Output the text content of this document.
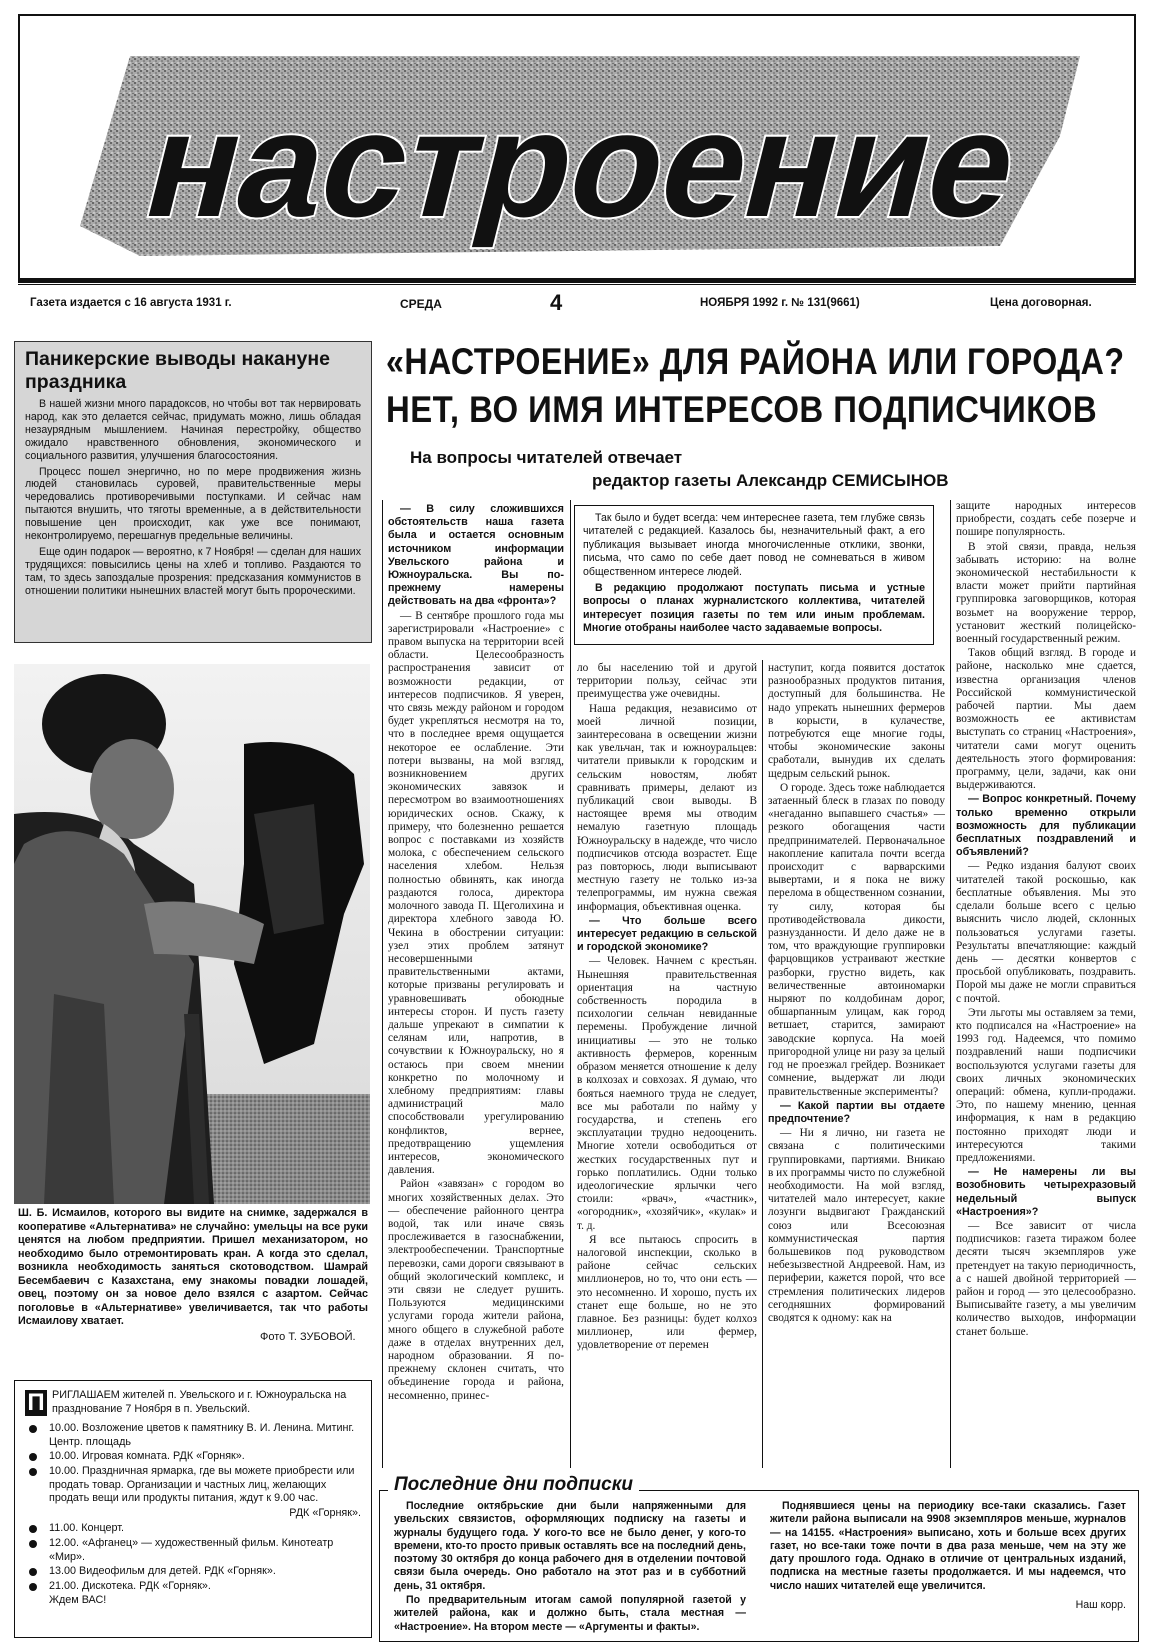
настроение
Газета издается с 16 августа 1931 г.	СРЕДА	4	НОЯБРЯ 1992 г. № 131(9661)	Цена договорная.
Паникерские выводы накануне праздника

В нашей жизни много парадоксов, но чтобы вот так нервировать народ, как это делается сейчас, придумать можно, лишь обладая незаурядным мышлением. Начиная перестройку, общество ожидало нравственного обновления, экономического и социального развития, улучшения благосостояния.

Процесс пошел энергично, но по мере продвижения жизнь людей становилась суровей, правительственные меры чередовались противоречивыми поступками. И сейчас нам пытаются внушить, что тяготы временные, а в действительности повышение цен происходит, как уже все понимают, неконтролируемо, перешагнув предельные величины.

Еще один подарок — вероятно, к 7 Ноября! — сделан для наших трудящихся: повысились цены на хлеб и топливо. Раздаются то там, то здесь запоздалые прозрения: предсказания коммунистов в отношении политики нынешних властей могут быть пророческими.

«НАСТРОЕНИЕ» ДЛЯ РАЙОНА ИЛИ ГОРОДА?
НЕТ, ВО ИМЯ ИНТЕРЕСОВ ПОДПИСЧИКОВ
На вопросы читателей отвечает
редактор газеты Александр СЕМИСЫНОВ

Так было и будет всегда: чем интереснее газета, тем глубже связь читателей с редакцией. Казалось бы, незначительный факт, а его публикация вызывает иногда многочисленные отклики, звонки, письма, что само по себе дает повод не сомневаться в живом общественном интересе людей.

В редакцию продолжают поступать письма и устные вопросы о планах журналистского коллектива, читателей интересует позиция газеты по тем или иным проблемам. Многие отобраны наиболее часто задаваемые вопросы.

— В силу сложившихся обстоятельств наша газета была и остается основным источником информации Увельского района и Южноуральска. Вы по-прежнему намерены действовать на два «фронта»?

— В сентябре прошлого года мы зарегистрировали «Настроение» с правом выпуска на территории всей области. Целесообразность распространения зависит от возможности редакции, от интересов подписчиков. Я уверен, что связь между районом и городом будет укрепляться несмотря на то, что в последнее время ощущается некоторое ее ослабление. Эти потери вызваны, на мой взгляд, возникновением других экономических завязок и пересмотром во взаимоотношениях юридических основ. Скажу, к примеру, что болезненно решается вопрос с поставками из хозяйств молока, с обеспечением сельского населения хлебом. Нельзя полностью обвинять, как иногда раздаются голоса, директора молочного завода П. Щеголихина и директора хлебного завода Ю. Чекина в обострении ситуации: узел этих проблем затянут несовершенными правительственными актами, которые призваны регулировать и уравновешивать обоюдные интересы сторон. И пусть газету дальше упрекают в симпатии к селянам или, напротив, в сочувствии к Южноуральску, но я остаюсь при своем мнении конкретно по молочному и хлебному предприятиям: главы администраций мало способствовали урегулированию конфликтов, вернее, предотвращению ущемления интересов, экономического давления.

Район «завязан» с городом во многих хозяйственных делах. Это — обеспечение районного центра водой, так или иначе связь прослеживается в газоснабжении, электрообеспечении. Транспортные перевозки, сами дороги связывают в общий экологический комплекс, и эти связи не следует рушить. Пользуются медицинскими услугами города жители района, много общего в служебной работе даже в отделах внутренних дел, народном образовании. Я по-прежнему склонен считать, что объединение города и района, несомненно, принес-

ло бы населению той и другой территории пользу, сейчас эти преимущества уже очевидны.

Наша редакция, независимо от моей личной позиции, заинтересована в освещении жизни как увельчан, так и южноуральцев: читатели привыкли к городским и сельским новостям, любят сравнивать примеры, делают из публикаций свои выводы. В настоящее время мы отводим немалую газетную площадь Южноуральску в надежде, что число подписчиков отсюда возрастет. Еще раз повторюсь, люди выписывают местную газету не только из-за телепрограммы, им нужна свежая информация, объективная оценка.

— Что больше всего интересует редакцию в сельской и городской экономике?

— Человек. Начнем с крестьян. Нынешняя правительственная ориентация на частную собственность породила в психологии сельчан невиданные перемены. Пробуждение личной инициативы — это не только активность фермеров, коренным образом меняется отношение к делу в колхозах и совхозах. Я думаю, что бояться наемного труда не следует, все мы работали по найму у государства, и степень его эксплуатации трудно недооценить. Многие хотели освободиться от жестких государственных пут и горько поплатились. Одни только идеологические ярлычки чего стоили: «рвач», «частник», «огородник», «хозяйчик», «кулак» и т. д.

Я все пытаюсь спросить в налоговой инспекции, сколько в районе сейчас сельских миллионеров, но то, что они есть — это несомненно. И хорошо, пусть их станет еще больше, но не это главное. Без разницы: будет колхоз миллионер, или фермер, удовлетворение от перемен

наступит, когда появится достаток разнообразных продуктов питания, доступный для большинства. Не надо упрекать нынешних фермеров в корысти, в кулачестве, потребуются еще многие годы, чтобы экономические законы сработали, вынудив их сделать щедрым сельский рынок.

О городе. Здесь тоже наблюдается затаенный блеск в глазах по поводу «негаданно выпавшего счастья» — резкого обогащения части предпринимателей. Первоначальное накопление капитала почти всегда происходит с варварскими вывертами, и я пока не вижу перелома в общественном сознании, ту силу, которая бы противодействовала дикости, разнузданности. И дело даже не в том, что враждующие группировки фарцовщиков устраивают жесткие разборки, грустно видеть, как величественные автоиномарки ныряют по колдобинам дорог, обшарпанным улицам, как город ветшает, старится, замирают заводские корпуса. На моей пригородной улице ни разу за целый год не проезжал грейдер. Возникает сомнение, выдержат ли люди правительственные эксперименты?

— Какой партии вы отдаете предпочтение?

— Ни я лично, ни газета не связана с политическими группировками, партиями. Вникаю в их программы чисто по служебной необходимости. На мой взгляд, читателей мало интересует, какие лозунги выдвигают Гражданский союз или Всесоюзная коммунистическая партия большевиков под руководством небезызвестной Андреевой. Нам, из периферии, кажется порой, что все стремления политических лидеров сегодняшних формирований сводятся к одному: как на

защите народных интересов приобрести, создать себе позерче и пошире популярность.

В этой связи, правда, нельзя забывать историю: на волне экономической нестабильности к власти может прийти партийная группировка заговорщиков, которая возьмет на вооружение террор, установит жесткий полицейско-военный государственный режим.

Таков общий взгляд. В городе и районе, насколько мне сдается, известна организация членов Российской коммунистической рабочей партии. Мы даем возможность ее активистам выступать со страниц «Настроения», читатели сами могут оценить деятельность этого формирования: программу, цели, задачи, как они выдерживаются.

— Вопрос конкретный. Почему только временно открыли возможность для публикации бесплатных поздравлений и объявлений?

— Редко издания балуют своих читателей такой роскошью, как бесплатные объявления. Мы это сделали больше всего с целью выяснить число людей, склонных пользоваться услугами газеты. Результаты впечатляющие: каждый день — десятки конвертов с просьбой опубликовать, поздравить. Порой мы даже не могли справиться с почтой.

Эти льготы мы оставляем за теми, кто подписался на «Настроение» на 1993 год. Надеемся, что помимо поздравлений наши подписчики воспользуются услугами газеты для своих личных экономических операций: обмена, купли-продажи. Это, по нашему мнению, ценная информация, к нам в редакцию постоянно приходят люди и интересуются такими предложениями.

— Не намерены ли вы возобновить четырехразовый недельный выпуск «Настроения»?

— Все зависит от числа подписчиков: газета тиражом более десяти тысяч экземпляров уже претендует на такую периодичность, а с нашей двойной территорией — район и город — это целесообразно. Выписывайте газету, а мы увеличим количество выходов, информации станет больше.

Ш. Б. Исмаилов, которого вы видите на снимке, задержался в кооперативе «Альтернатива» не случайно: умельцы на все руки ценятся на любом предприятии. Пришел механизатором, но необходимо было отремонтировать кран. А когда это сделал, возникла необходимость заняться скотоводством. Шамрай Бесембаевич с Казахстана, ему знакомы повадки лошадей, овец, поэтому он за новое дело взялся с азартом. Сейчас поголовье в «Альтернативе» увеличивается, так что работы Исмаилову хватает.
Фото Т. ЗУБОВОЙ.
П РИГЛАШАЕМ жителей п. Увельского и г. Южноуральска на празднование 7 Ноября в п. Увельский.
10.00. Возложение цветов к памятнику В. И. Ленина. Митинг. Центр. площадь
10.00. Игровая комната. РДК «Горняк».
10.00. Праздничная ярмарка, где вы можете приобрести или продать товар. Организации и частных лиц, желающих продать вещи или продукты питания, ждут к 9.00 час.
РДК «Горняк».
11.00. Концерт.
12.00. «Афганец» — художественный фильм. Кинотеатр «Мир».
13.00 Видеофильм для детей. РДК «Горняк».
21.00. Дискотека. РДК «Горняк».
Ждем ВАС!
Последние дни подписки

Последние октябрьские дни были напряженными для увельских связистов, оформляющих подписку на газеты и журналы будущего года. У кого-то все не было денег, у кого-то времени, кто-то просто привык оставлять все на последний день, поэтому 30 октября до конца рабочего дня в отделении почтовой связи была очередь. Оно работало на этот раз и в субботний день, 31 октября.

По предварительным итогам самой популярной газетой у жителей района, как и должно быть, стала местная — «Настроение». На втором месте — «Аргументы и факты».

Поднявшиеся цены на периодику все-таки сказались. Газет жители района выписали на 9908 экземпляров меньше, журналов — на 14155. «Настроения» выписано, хоть и больше всех других газет, но все-таки тоже почти в два раза меньше, чем на эту же дату прошлого года. Однако в отличие от центральных изданий, подписка на местные газеты продолжается. И мы надеемся, что число наших читателей еще увеличится.

Наш корр.
